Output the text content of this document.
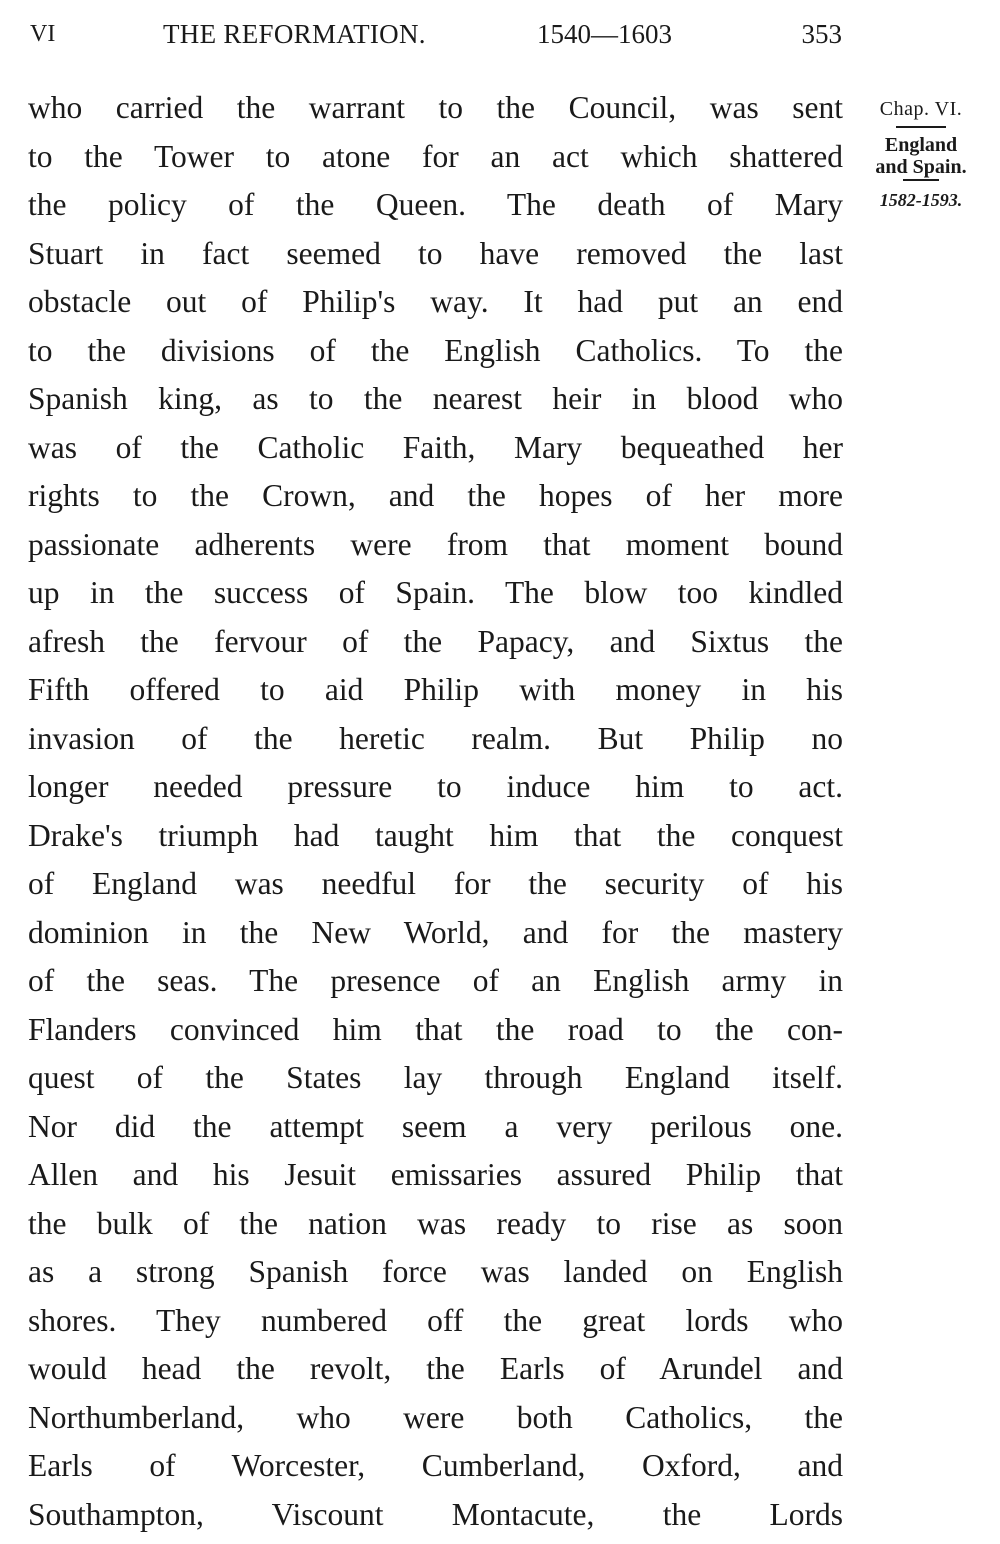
VI	THE REFORMATION.	1540—1603	353
who carried the warrant to the Council, was sent
to the Tower to atone for an act which shattered
the policy of the Queen. The death of Mary
Stuart in fact seemed to have removed the last
obstacle out of Philip's way. It had put an end
to the divisions of the English Catholics. To the
Spanish king, as to the nearest heir in blood who
was of the Catholic Faith, Mary bequeathed her
rights to the Crown, and the hopes of her more
passionate adherents were from that moment bound
up in the success of Spain. The blow too kindled
afresh the fervour of the Papacy, and Sixtus the
Fifth offered to aid Philip with money in his
invasion of the heretic realm. But Philip no
longer needed pressure to induce him to act.
Drake's triumph had taught him that the conquest
of England was needful for the security of his
dominion in the New World, and for the mastery
of the seas. The presence of an English army in
Flanders convinced him that the road to the con-
quest of the States lay through England itself.
Nor did the attempt seem a very perilous one.
Allen and his Jesuit emissaries assured Philip that
the bulk of the nation was ready to rise as soon
as a strong Spanish force was landed on English
shores. They numbered off the great lords who
would head the revolt, the Earls of Arundel and
Northumberland, who were both Catholics, the
Earls of Worcester, Cumberland, Oxford, and
Southampton, Viscount Montacute, the Lords
Chap. VI.
England
and Spain.
1582-1593.
